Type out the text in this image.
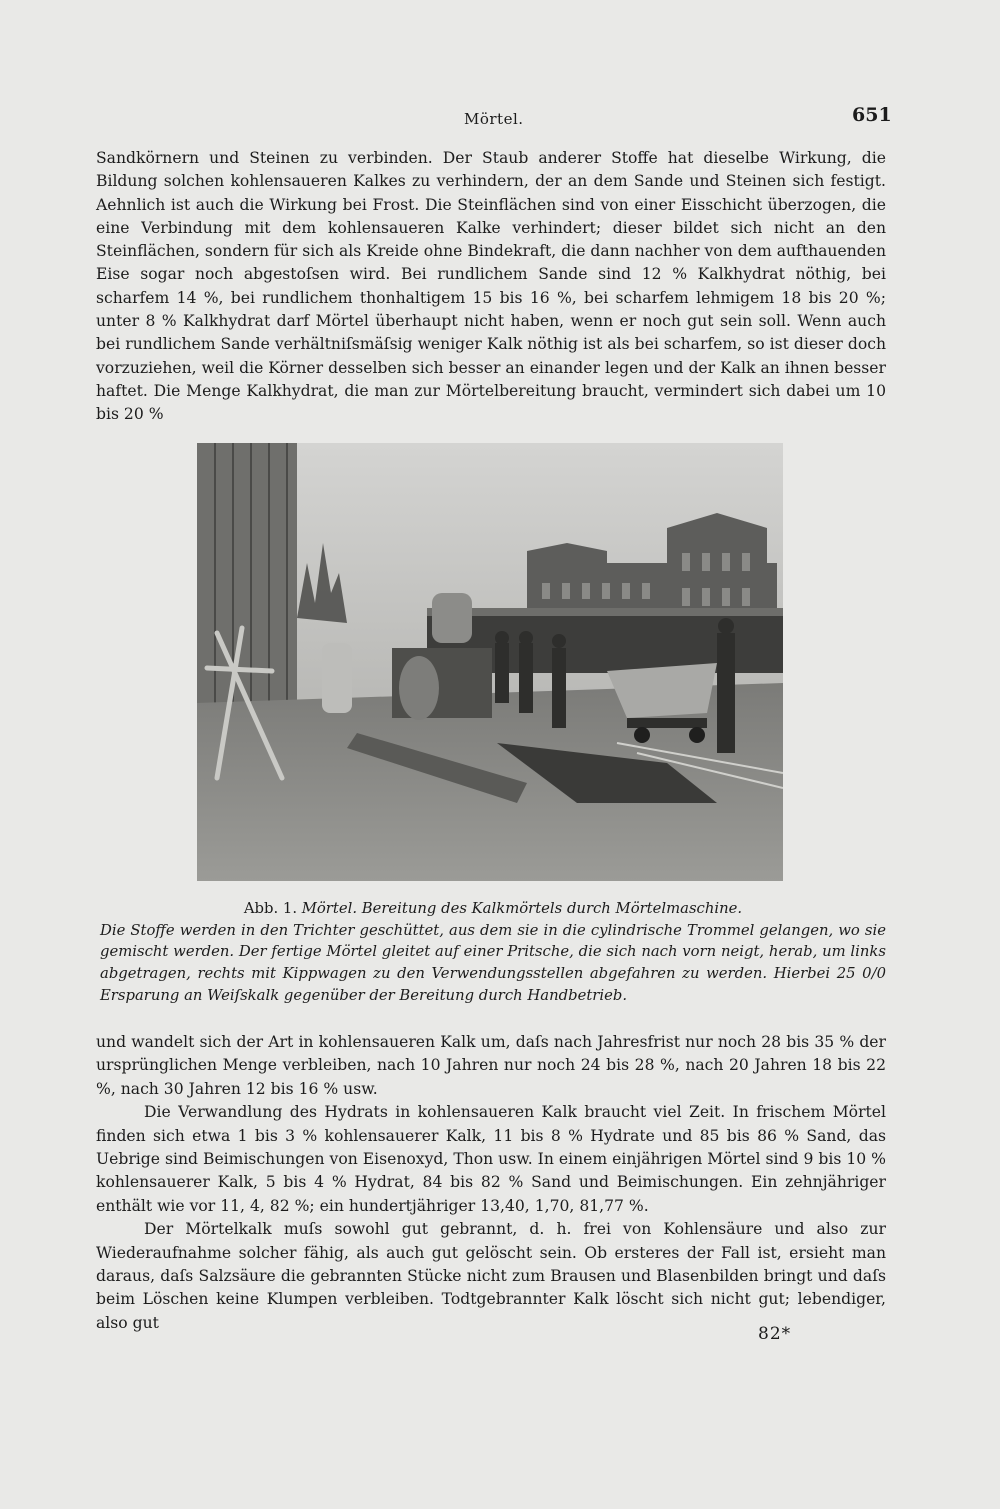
Mörtel.	651

Sandkörnern und Steinen zu verbinden. Der Staub anderer Stoffe hat dieselbe Wirkung, die Bildung solchen kohlensaueren Kalkes zu verhindern, der an dem Sande und Steinen sich festigt. Aehnlich ist auch die Wirkung bei Frost. Die Steinflächen sind von einer Eisschicht überzogen, die eine Verbindung mit dem kohlensaueren Kalke verhindert; dieser bildet sich nicht an den Steinflächen, sondern für sich als Kreide ohne Bindekraft, die dann nachher von dem aufthauenden Eise sogar noch abgestoſsen wird. Bei rundlichem Sande sind 12 % Kalkhydrat nöthig, bei scharfem 14 %, bei rundlichem thonhaltigem 15 bis 16 %, bei scharfem lehmigem 18 bis 20 %; unter 8 % Kalkhydrat darf Mörtel überhaupt nicht haben, wenn er noch gut sein soll. Wenn auch bei rundlichem Sande verhältniſsmäſsig weniger Kalk nöthig ist als bei scharfem, so ist dieser doch vorzuziehen, weil die Körner desselben sich besser an einander legen und der Kalk an ihnen besser haftet. Die Menge Kalkhydrat, die man zur Mörtelbereitung braucht, vermindert sich dabei um 10 bis 20 %

Abb. 1. Mörtel. Bereitung des Kalkmörtels durch Mörtelmaschine.

Die Stoffe werden in den Trichter geschüttet, aus dem sie in die cylindrische Trommel gelangen, wo sie gemischt werden. Der fertige Mörtel gleitet auf einer Pritsche, die sich nach vorn neigt, herab, um links abgetragen, rechts mit Kippwagen zu den Verwendungsstellen abgefahren zu werden. Hierbei 25 0/0 Ersparung an Weiſskalk gegenüber der Bereitung durch Handbetrieb.

und wandelt sich der Art in kohlensaueren Kalk um, daſs nach Jahresfrist nur noch 28 bis 35 % der ursprünglichen Menge verbleiben, nach 10 Jahren nur noch 24 bis 28 %, nach 20 Jahren 18 bis 22 %, nach 30 Jahren 12 bis 16 % usw.

Die Verwandlung des Hydrats in kohlensaueren Kalk braucht viel Zeit. In frischem Mörtel finden sich etwa 1 bis 3 % kohlensauerer Kalk, 11 bis 8 % Hydrate und 85 bis 86 % Sand, das Uebrige sind Beimischungen von Eisenoxyd, Thon usw. In einem einjährigen Mörtel sind 9 bis 10 % kohlensauerer Kalk, 5 bis 4 % Hydrat, 84 bis 82 % Sand und Beimischungen. Ein zehnjähriger enthält wie vor 11, 4, 82 %; ein hundertjähriger 13,40, 1,70, 81,77 %.

Der Mörtelkalk muſs sowohl gut gebrannt, d. h. frei von Kohlensäure und also zur Wiederaufnahme solcher fähig, als auch gut gelöscht sein. Ob ersteres der Fall ist, ersieht man daraus, daſs Salzsäure die gebrannten Stücke nicht zum Brausen und Blasenbilden bringt und daſs beim Löschen keine Klumpen verbleiben. Todtgebrannter Kalk löscht sich nicht gut; lebendiger, also gut

82*
